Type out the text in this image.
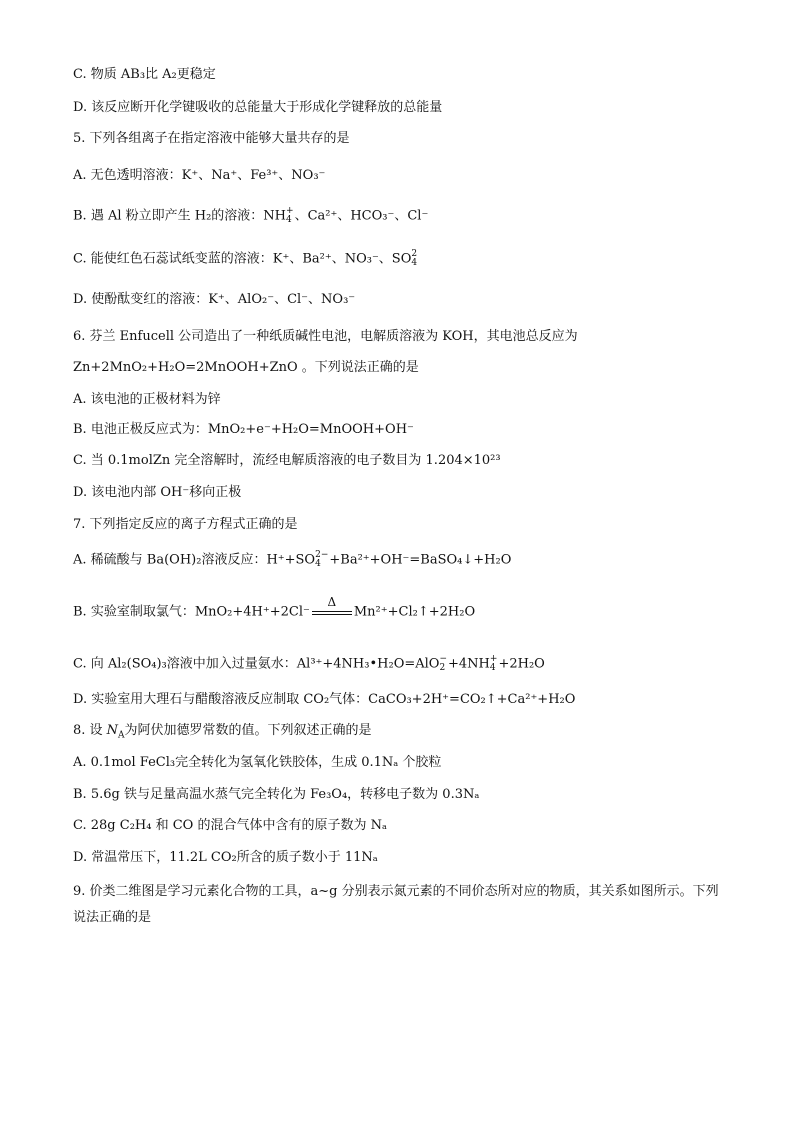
C. 物质 AB₃比 A₂更稳定
D. 该反应断开化学键吸收的总能量大于形成化学键释放的总能量
5. 下列各组离子在指定溶液中能够大量共存的是
A. 无色透明溶液：K⁺、Na⁺、Fe³⁺、NO₃⁻
B. 遇 Al 粉立即产生 H₂的溶液：NH +
4 、Ca²⁺、HCO₃⁻、Cl⁻
C. 能使红色石蕊试纸变蓝的溶液：K⁺、Ba²⁺、NO₃⁻、SO 2
4
D. 使酚酞变红的溶液：K⁺、AlO₂⁻、Cl⁻、NO₃⁻
6. 芬兰 Enfucell 公司造出了一种纸质碱性电池，电解质溶液为 KOH，其电池总反应为
Zn+2MnO₂+H₂O=2MnOOH+ZnO 。下列说法正确的是
A. 该电池的正极材料为锌
B. 电池正极反应式为：MnO₂+e⁻+H₂O=MnOOH+OH⁻
C. 当 0.1molZn 完全溶解时，流经电解质溶液的电子数目为 1.204×10²³
D. 该电池内部 OH⁻移向正极
7. 下列指定反应的离子方程式正确的是
A. 稀硫酸与 Ba(OH)₂溶液反应：H⁺+SO 2−
4 +Ba²⁺+OH⁻=BaSO₄↓+H₂O
B. 实验室制取氯气：MnO₂+4H⁺+2Cl⁻
Δ
Mn²⁺+Cl₂↑+2H₂O
C. 向 Al₂(SO₄)₃溶液中加入过量氨水：Al³⁺+4NH₃•H₂O=AlO −
2 +4NH +
4 +2H₂O
D. 实验室用大理石与醋酸溶液反应制取 CO₂气体：CaCO₃+2H⁺=CO₂↑+Ca²⁺+H₂O
8. 设 $N_A$为阿伏加德罗常数的值。下列叙述正确的是
A. 0.1mol FeCl₃完全转化为氢氧化铁胶体，生成 0.1Nₐ 个胶粒
B. 5.6g 铁与足量高温水蒸气完全转化为 Fe₃O₄，转移电子数为 0.3Nₐ
C. 28g C₂H₄ 和 CO 的混合气体中含有的原子数为 Nₐ
D. 常温常压下，11.2L CO₂所含的质子数小于 11Nₐ
9. 价类二维图是学习元素化合物的工具，a~g 分别表示氮元素的不同价态所对应的物质，其关系如图所示。下列说法正确的是
